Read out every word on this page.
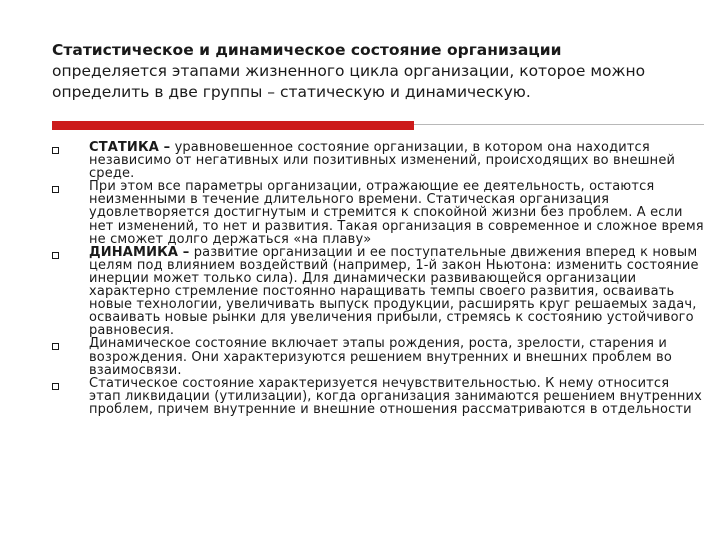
Статистическое и динамическое состояние организации
определяется этапами жизненного цикла организации, которое можно определить в две группы – статическую и динамическую.
СТАТИКА – уравновешенное состояние организации, в котором она находится независимо от негативных или позитивных изменений, происходящих во внешней среде.
При этом все параметры организации, отражающие ее деятельность, остаются неизменными в течение длительного времени. Статическая организация удовлетворяется достигнутым и стремится к спокойной жизни без проблем. А если нет изменений, то нет и развития. Такая организация в современное и сложное время не сможет долго держаться «на плаву»
ДИНАМИКА – развитие организации и ее поступательные движения вперед к новым целям под влиянием воздействий (например, 1-й закон Ньютона: изменить состояние инерции может только сила). Для динамически развивающейся организации характерно стремление постоянно наращивать темпы своего развития, осваивать новые технологии, увеличивать выпуск продукции, расширять круг решаемых задач, осваивать новые рынки для увеличения прибыли, стремясь к состоянию устойчивого равновесия.
Динамическое состояние включает этапы рождения, роста, зрелости, старения и возрождения. Они характеризуются решением внутренних и внешних проблем во взаимосвязи.
Статическое состояние характеризуется нечувствительностью. К нему относится этап ликвидации (утилизации), когда организация занимаются решением внутренних проблем, причем внутренние и внешние отношения рассматриваются в отдельности
